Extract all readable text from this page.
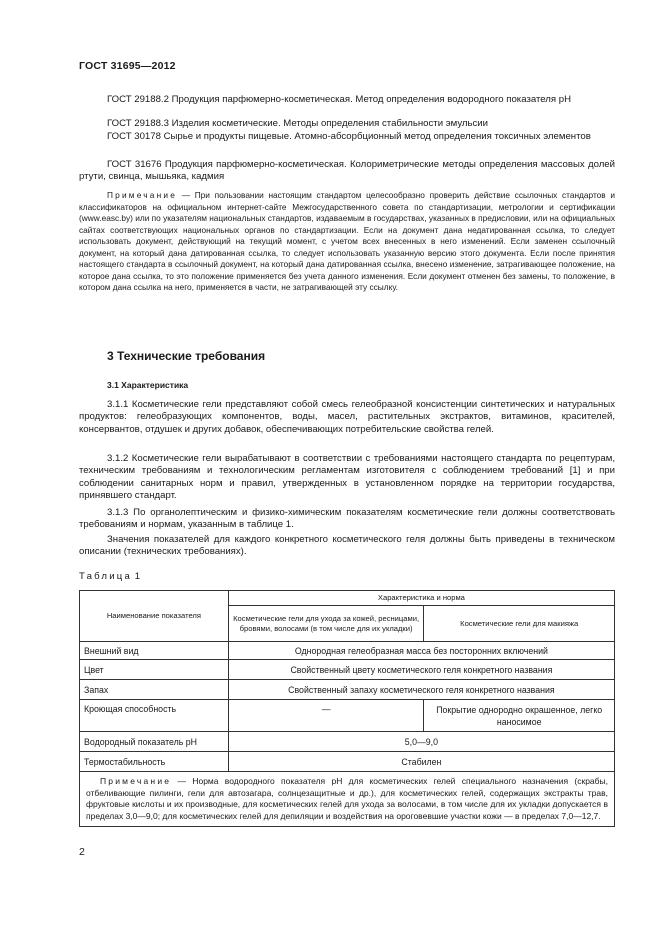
ГОСТ 31695—2012
ГОСТ 29188.2 Продукция парфюмерно-косметическая. Метод определения водородного показателя pH
ГОСТ 29188.3 Изделия косметические. Методы определения стабильности эмульсии
ГОСТ 30178 Сырье и продукты пищевые. Атомно-абсорбционный метод определения токсичных элементов
ГОСТ 31676 Продукция парфюмерно-косметическая. Колориметрические методы определения массовых долей ртути, свинца, мышьяка, кадмия
Примечание — При пользовании настоящим стандартом целесообразно проверить действие ссылочных стандартов и классификаторов на официальном интернет-сайте Межгосударственного совета по стандартизации, метрологии и сертификации (www.easc.by) или по указателям национальных стандартов, издаваемым в государствах, указанных в предисловии, или на официальных сайтах соответствующих национальных органов по стандартизации. Если на документ дана недатированная ссылка, то следует использовать документ, действующий на текущий момент, с учетом всех внесенных в него изменений. Если заменен ссылочный документ, на который дана датированная ссылка, то следует использовать указанную версию этого документа. Если после принятия настоящего стандарта в ссылочный документ, на который дана датированная ссылка, внесено изменение, затрагивающее положение, на которое дана ссылка, то это положение применяется без учета данного изменения. Если документ отменен без замены, то положение, в котором дана ссылка на него, применяется в части, не затрагивающей эту ссылку.
3 Технические требования
3.1 Характеристика
3.1.1 Косметические гели представляют собой смесь гелеобразной консистенции синтетических и натуральных продуктов: гелеобразующих компонентов, воды, масел, растительных экстрактов, витаминов, красителей, консервантов, отдушек и других добавок, обеспечивающих потребительские свойства гелей.
3.1.2 Косметические гели вырабатывают в соответствии с требованиями настоящего стандарта по рецептурам, техническим требованиям и технологическим регламентам изготовителя с соблюдением требований [1] и при соблюдении санитарных норм и правил, утвержденных в установленном порядке на территории государства, принявшего стандарт.
3.1.3 По органолептическим и физико-химическим показателям косметические гели должны соответствовать требованиям и нормам, указанным в таблице 1.
Значения показателей для каждого конкретного косметического геля должны быть приведены в техническом описании (технических требованиях).
Таблица 1
Наименование показателя	Характеристика и норма	
	Косметические гели для ухода за кожей, ресницами, бровями, волосами (в том числе для их укладки)	Косметические гели для макияжа
Внешний вид	Однородная гелеобразная масса без посторонних включений	
Цвет	Свойственный цвету косметического геля конкретного названия	
Запах	Свойственный запаху косметического геля конкретного названия	
Кроющая способность	—	Покрытие однородно окрашенное, легко наносимое
Водородный показатель pH	5,0—9,0	
Термостабильность	Стабилен	
Примечание — Норма водородного показателя pH для косметических гелей специального назначения (скрабы, отбеливающие пилинги, гели для автозагара, солнцезащитные и др.), для косметических гелей, содержащих экстракты трав, фруктовые кислоты и их производные, для косметических гелей для ухода за волосами, в том числе для их укладки допускается в пределах 3,0—9,0; для косметических гелей для депиляции и воздействия на ороговевшие участки кожи — в пределах 7,0—12,7.		
2
